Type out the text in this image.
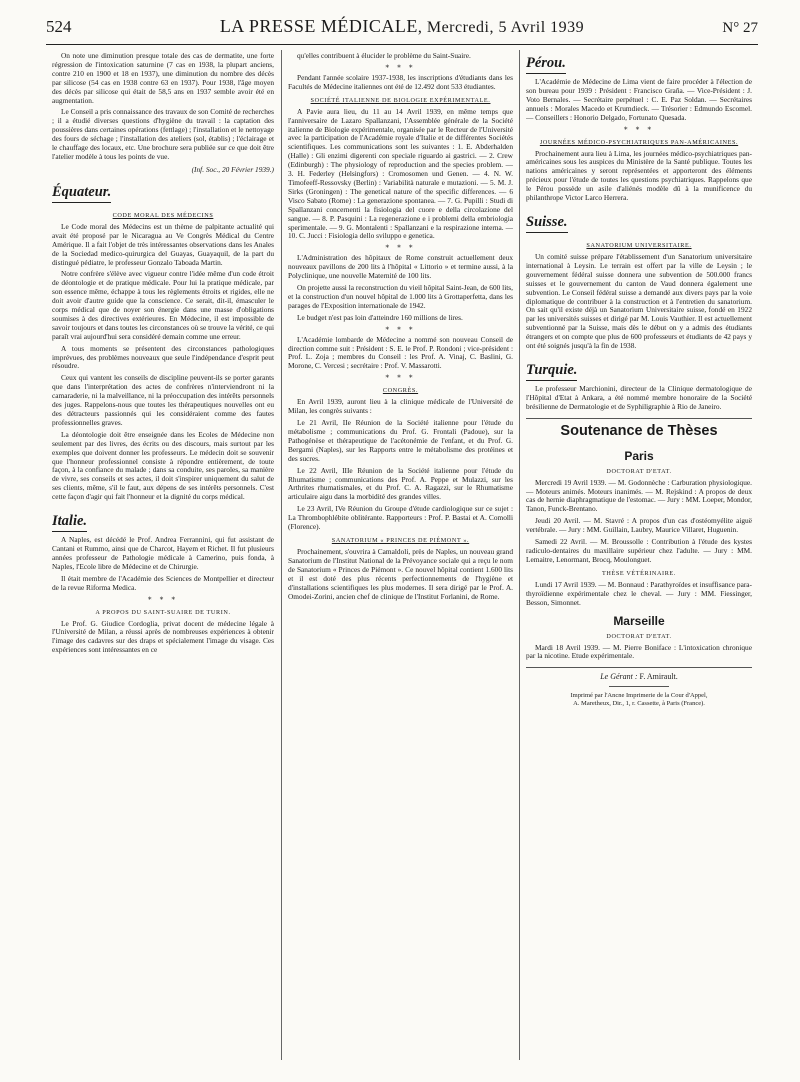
524	LA PRESSE MÉDICALE, Mercredi, 5 Avril 1939	N° 27

On note une diminution presque totale des cas de dermatite, une forte régression de l'intoxication saturnine (7 cas en 1938, la plupart anciens, contre 210 en 1900 et 18 en 1937), une diminution du nombre des décès par silicose (54 cas en 1938 contre 63 en 1937). Pour 1938, l'âge moyen des décès par silicose qui était de 58,5 ans en 1937 semble avoir été en augmentation.

Le Conseil a pris connaissance des travaux de son Comité de recherches ; il a étudié diverses questions d'hygiène du travail : la captation des poussières dans certaines opérations (fettlage) ; l'installation et le nettoyage des fours de séchage ; l'installation des ateliers (sol, établis) ; l'éclairage et le chauffage des locaux, etc. Une brochure sera publiée sur ce que doit être l'atelier modèle à tous les points de vue.

(Inf. Soc., 20 Février 1939.)

Équateur.
CODE MORAL DES MÉDECINS

Le Code moral des Médecins est un thème de palpitante actualité qui avait été proposé par le Nicaragua au Ve Congrès Médical du Centre Amérique. Il a fait l'objet de très intéressantes observations dans les Anales de la Sociedad medico-quirurgica del Guayas, Guayaquil, de la part du distingué pédiatre, le professeur Gonzalo Taboada Martin.

Notre confrère s'élève avec vigueur contre l'idée même d'un code étroit de déontologie et de pratique médicale. Pour lui la pratique médicale, par son essence même, échappe à tous les règlements étroits et rigides, elle ne doit avoir d'autre guide que la conscience. Ce serait, dit-il, émasculer le corps médical que de noyer son énergie dans une masse d'obligations soumises à des directives extérieures. En Médecine, il est impossible de savoir toujours et dans toutes les circonstances où se trouve la vérité, ce qui paraît vrai aujourd'hui sera considéré demain comme une erreur.

A tous moments se présentent des circonstances pathologiques imprévues, des problèmes nouveaux que seule l'indépendance d'esprit peut résoudre.

Ceux qui vantent les conseils de discipline peuvent-ils se porter garants que dans l'interprétation des actes de confrères n'interviendront ni la camaraderie, ni la malveillance, ni la préoccupation des intérêts personnels des juges. Rappelons-nous que toutes les thérapeutiques nouvelles ont eu des détracteurs passionnés qui les considéraient comme des fautes professionnelles graves.

La déontologie doit être enseignée dans les Ecoles de Médecine non seulement par des livres, des écrits ou des discours, mais surtout par les exemples que doivent donner les professeurs. Le médecin doit se souvenir que l'honneur professionnel consiste à répondre entièrement, de toute façon, à la confiance du malade ; dans sa conduite, ses paroles, sa manière de vivre, ses conseils et ses actes, il doit s'inspirer uniquement du salut de ses clients, même, s'il le faut, aux dépens de ses intérêts personnels. C'est cette façon d'agir qui fait l'honneur et la dignité du corps médical.

Italie.

A Naples, est décédé le Prof. Andrea Ferrannini, qui fut assistant de Cantani et Rummo, ainsi que de Charcot, Hayem et Richet. Il fut plusieurs années professeur de Pathologie médicale à Camerino, puis fonda, à Naples, l'Ecole libre de Médecine et de Chirurgie.

Il était membre de l'Académie des Sciences de Montpellier et directeur de la revue Riforma Medica.

* * *
A PROPOS DU SAINT-SUAIRE DE TURIN.

Le Prof. G. Giudice Cordoglia, privat docent de médecine légale à l'Université de Milan, a réussi après de nombreuses expériences à obtenir l'image des cadavres sur des draps et spécialement l'image du visage. Ces expériences sont intéressantes en ce

qu'elles contribuent à élucider le problème du Saint-Suaire.

* * *

Pendant l'année scolaire 1937-1938, les inscriptions d'étudiants dans les Facultés de Médecine italiennes ont été de 12.492 dont 533 étudiantes.

SOCIÉTÉ ITALIENNE DE BIOLOGIE EXPÉRIMENTALE.

A Pavie aura lieu, du 11 au 14 Avril 1939, en même temps que l'anniversaire de Lazaro Spallanzani, l'Assemblée générale de la Société italienne de Biologie expérimentale, organisée par le Recteur de l'Université avec la participation de l'Académie royale d'Italie et de différentes Sociétés scientifiques. Les communications sont les suivantes : 1. E. Abderhalden (Halle) : Gli enzimi digerenti con speciale riguardo ai gastrici. — 2. Crew (Edinburgh) : The physiology of reproduction and the species problem. — 3. H. Federley (Helsingfors) : Cromosomen und Genen. — 4. N. W. Timofeeff-Ressovsky (Berlin) : Variabilità naturale e mutazioni. — 5. M. J. Sirks (Groningen) : The genetical nature of the specific differences. — 6 Visco Sabato (Rome) : La generazione spontanea. — 7. G. Pupilli : Studi di Spallanzani concernenti la fisiologia del cuore e della circolazione del sangue. — 8. P. Pasquini : La regenerazione e i problemi della embriologia sperimentale. — 9. G. Montalenti : Spallanzani e la respirazione interna. — 10. C. Jucci : Fisiologia dello sviluppo e genetica.

* * *

L'Administration des hôpitaux de Rome construit actuellement deux nouveaux pavillons de 200 lits à l'hôpital « Littorio » et termine aussi, à la Polyclinique, une nouvelle Maternité de 100 lits.

On projette aussi la reconstruction du vieil hôpital Saint-Jean, de 600 lits, et la construction d'un nouvel hôpital de 1.000 lits à Grottaperfetta, dans les parages de l'Exposition internationale de 1942.

Le budget n'est pas loin d'atteindre 160 millions de lires.

* * *

L'Académie lombarde de Médecine a nommé son nouveau Conseil de direction comme suit : Président : S. E. le Prof. P. Rondoni ; vice-président : Prof. L. Zoja ; membres du Conseil : les Prof. A. Vinaj, C. Baslini, G. Morone, C. Vercesi ; secrétaire : Prof. V. Massarotti.

* * *
CONGRÈS.

En Avril 1939, auront lieu à la clinique médicale de l'Université de Milan, les congrès suivants :

Le 21 Avril, IIe Réunion de la Société italienne pour l'étude du métabolisme ; communications du Prof. G. Frontali (Padoue), sur la Pathogénèse et thérapeutique de l'acétonémie de l'enfant, et du Prof. G. Bergami (Naples), sur les Rapports entre le métabolisme des protéines et des sucres.

Le 22 Avril, IIIe Réunion de la Société italienne pour l'étude du Rhumatisme ; communications des Prof. A. Peppe et Mulazzi, sur les Arthrites rhumatismales, et du Prof. C. A. Ragazzi, sur le Rhumatisme articulaire aigu dans la morbidité des grandes villes.

Le 23 Avril, IVe Réunion du Groupe d'étude cardiologique sur ce sujet : La Thrombophlébite oblitérante. Rapporteurs : Prof. P. Bastai et A. Comolli (Florence).

SANATORIUM « PRINCES DE PIÉMONT ».

Prochainement, s'ouvrira à Camaldoli, près de Naples, un nouveau grand Sanatorium de l'Institut National de la Prévoyance sociale qui a reçu le nom de Sanatorium « Princes de Piémont ». Ce nouvel hôpital contient 1.600 lits et il est doté des plus récents perfectionnements de l'hygiène et d'installations scientifiques les plus modernes. Il sera dirigé par le Prof. A. Omodei-Zorini, ancien chef de clinique de l'Institut Forlanini, de Rome.

Pérou.

L'Académie de Médecine de Lima vient de faire procéder à l'élection de son bureau pour 1939 : Président : Francisco Graña. — Vice-Président : J. Voto Bernales. — Secrétaire perpétuel : C. E. Paz Soldan. — Secrétaires annuels : Morales Macedo et Krumdieck. — Trésorier : Edmundo Escomel. — Conseillers : Honorio Delgado, Fortunato Quesada.

* * *
JOURNÉES MÉDICO-PSYCHIATRIQUES PAN-AMÉRICAINES.

Prochainement aura lieu à Lima, les journées médico-psychiatriques pan-américaines sous les auspices du Ministère de la Santé publique. Toutes les nations américaines y seront représentées et apporteront des éléments précieux pour l'étude de toutes les questions psychiatriques. Rappelons que le Pérou possède un asile d'aliénés modèle dû à la munificence du philanthrope Victor Larco Herrera.

Suisse.
SANATORIUM UNIVERSITAIRE.

Un comité suisse prépare l'établissement d'un Sanatorium universitaire international à Leysin. Le terrain est offert par la ville de Leysin ; le gouvernement fédéral suisse donnera une subvention de 500.000 francs suisses et le gouvernement du canton de Vaud donnera également une subvention. Le Conseil fédéral suisse a demandé aux divers pays par la voie diplomatique de contribuer à la construction et à l'entretien du sanatorium. On sait qu'il existe déjà un Sanatorium Universitaire suisse, fondé en 1922 par les universités suisses et dirigé par M. Louis Vauthier. Il est actuellement subventionné par la Suisse, mais dès le début on y a admis des étudiants étrangers et on compte que plus de 600 professeurs et étudiants de 42 pays y ont été soignés jusqu'à la fin de 1938.

Turquie.

Le professeur Marchionini, directeur de la Clinique dermatologique de l'Hôpital d'Etat à Ankara, a été nommé membre honoraire de la Société brésilienne de Dermatologie et de Syphiligraphie à Rio de Janeiro.

Soutenance de Thèses
Paris
DOCTORAT D'ETAT.

Mercredi 19 Avril 1939. — M. Godonnèche : Carburation physiologique. — Moteurs animés. Moteurs inanimés. — M. Rejskind : A propos de deux cas de hernie diaphragmatique de l'estomac. — Jury : MM. Loeper, Mondor, Tanon, Funck-Brentano.

Jeudi 20 Avril. — M. Stavré : A propos d'un cas d'ostéomyélite aiguë vertébrale. — Jury : MM. Guillain, Laubry, Maurice Villaret, Huguenin.

Samedi 22 Avril. — M. Broussolle : Contribution à l'étude des kystes radiculo-dentaires du maxillaire supérieur chez l'adulte. — Jury : MM. Lemaitre, Lenormant, Brocq, Moulonguet.

THÈSE VÉTÉRINAIRE.

Lundi 17 Avril 1939. — M. Bonnaud : Parathyroïdes et insuffisance para-thyroïdienne expérimentale chez le cheval. — Jury : MM. Fiessinger, Besson, Simonnet.

Marseille
DOCTORAT D'ETAT.

Mardi 18 Avril 1939. — M. Pierre Boniface : L'intoxication chronique par la nicotine. Etude expérimentale.

Le Gérant : F. Amirault.
Imprimé par l'Ancne Imprimerie de la Cour d'Appel,
A. Maretheux, Dir., 1, r. Cassette, à Paris (France).
